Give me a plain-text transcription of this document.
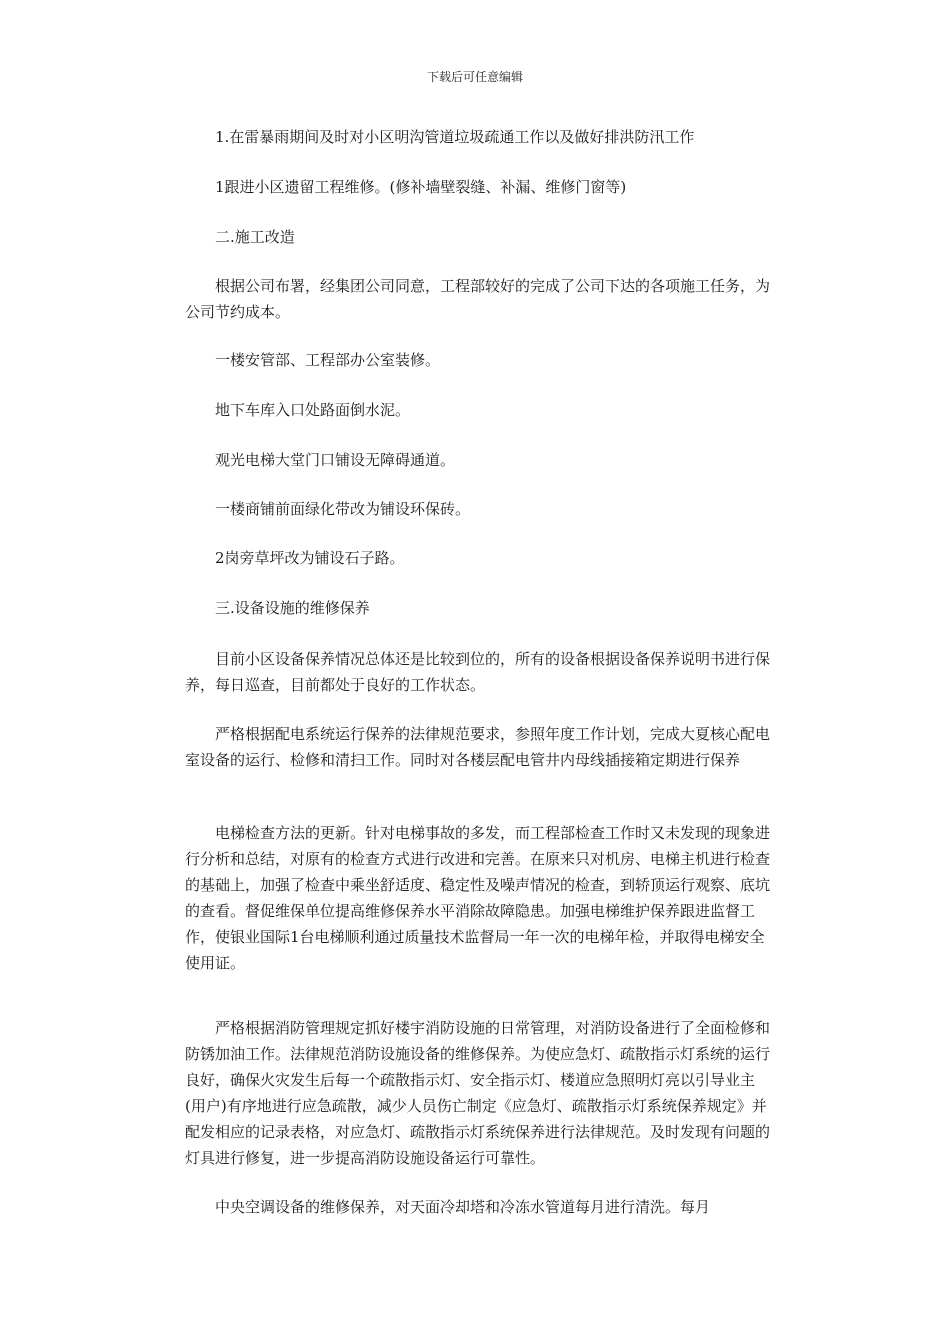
下载后可任意编辑

1.在雷暴雨期间及时对小区明沟管道垃圾疏通工作以及做好排洪防汛工作

1跟进小区遗留工程维修。(修补墙壁裂缝、补漏、维修门窗等)

二.施工改造

根据公司布署，经集团公司同意，工程部较好的完成了公司下达的各项施工任务，为公司节约成本。

一楼安管部、工程部办公室装修。

地下车库入口处路面倒水泥。

观光电梯大堂门口铺设无障碍通道。

一楼商铺前面绿化带改为铺设环保砖。

2岗旁草坪改为铺设石子路。

三.设备设施的维修保养

目前小区设备保养情况总体还是比较到位的，所有的设备根据设备保养说明书进行保养，每日巡查，目前都处于良好的工作状态。

严格根据配电系统运行保养的法律规范要求，参照年度工作计划，完成大夏核心配电室设备的运行、检修和清扫工作。同时对各楼层配电管井内母线插接箱定期进行保养

电梯检查方法的更新。针对电梯事故的多发，而工程部检查工作时又未发现的现象进行分析和总结，对原有的检查方式进行改进和完善。在原来只对机房、电梯主机进行检查的基础上，加强了检查中乘坐舒适度、稳定性及噪声情况的检查，到轿顶运行观察、底坑的查看。督促维保单位提高维修保养水平消除故障隐患。加强电梯维护保养跟进监督工作，使银业国际1台电梯顺利通过质量技术监督局一年一次的电梯年检，并取得电梯安全使用证。

严格根据消防管理规定抓好楼宇消防设施的日常管理，对消防设备进行了全面检修和防锈加油工作。法律规范消防设施设备的维修保养。为使应急灯、疏散指示灯系统的运行良好，确保火灾发生后每一个疏散指示灯、安全指示灯、楼道应急照明灯亮以引导业主(用户)有序地进行应急疏散，减少人员伤亡制定《应急灯、疏散指示灯系统保养规定》并配发相应的记录表格，对应急灯、疏散指示灯系统保养进行法律规范。及时发现有问题的灯具进行修复，进一步提高消防设施设备运行可靠性。

中央空调设备的维修保养，对天面冷却塔和冷冻水管道每月进行清洗。每月
